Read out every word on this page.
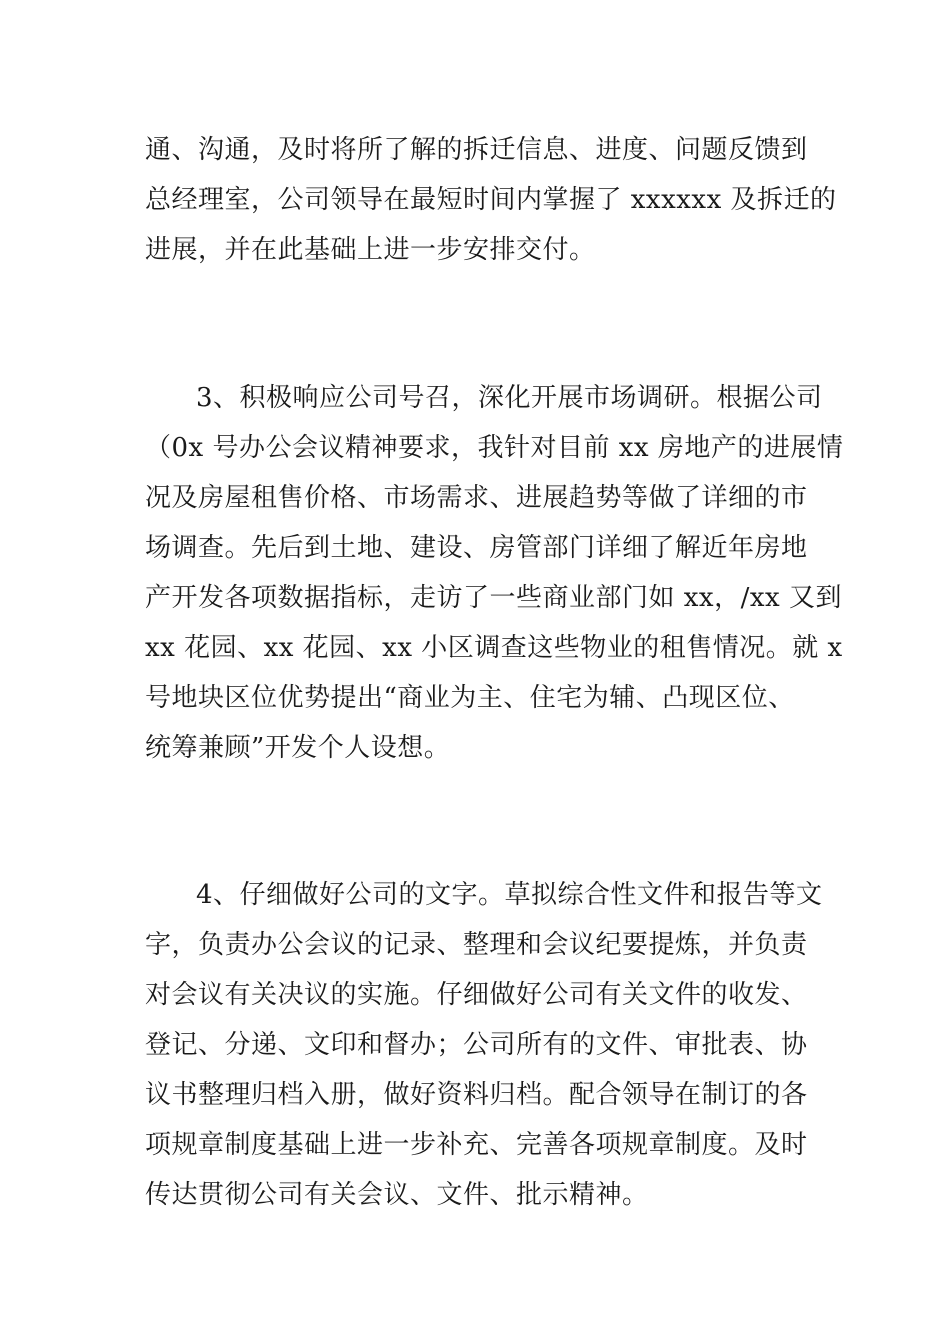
通、沟通，及时将所了解的拆迁信息、进度、问题反馈到
总经理室，公司领导在最短时间内掌握了 xxxxxx 及拆迁的
进展，并在此基础上进一步安排交付。
3、积极响应公司号召，深化开展市场调研。根据公司
（0x 号办公会议精神要求，我针对目前 xx 房地产的进展情
况及房屋租售价格、市场需求、进展趋势等做了详细的市
场调查。先后到土地、建设、房管部门详细了解近年房地
产开发各项数据指标，走访了一些商业部门如 xx，/xx 又到
xx 花园、xx 花园、xx 小区调查这些物业的租售情况。就 x
号地块区位优势提出“商业为主、住宅为辅、凸现区位、
统筹兼顾”开发个人设想。
4、仔细做好公司的文字。草拟综合性文件和报告等文
字，负责办公会议的记录、整理和会议纪要提炼，并负责
对会议有关决议的实施。仔细做好公司有关文件的收发、
登记、分递、文印和督办；公司所有的文件、审批表、协
议书整理归档入册，做好资料归档。配合领导在制订的各
项规章制度基础上进一步补充、完善各项规章制度。及时
传达贯彻公司有关会议、文件、批示精神。
